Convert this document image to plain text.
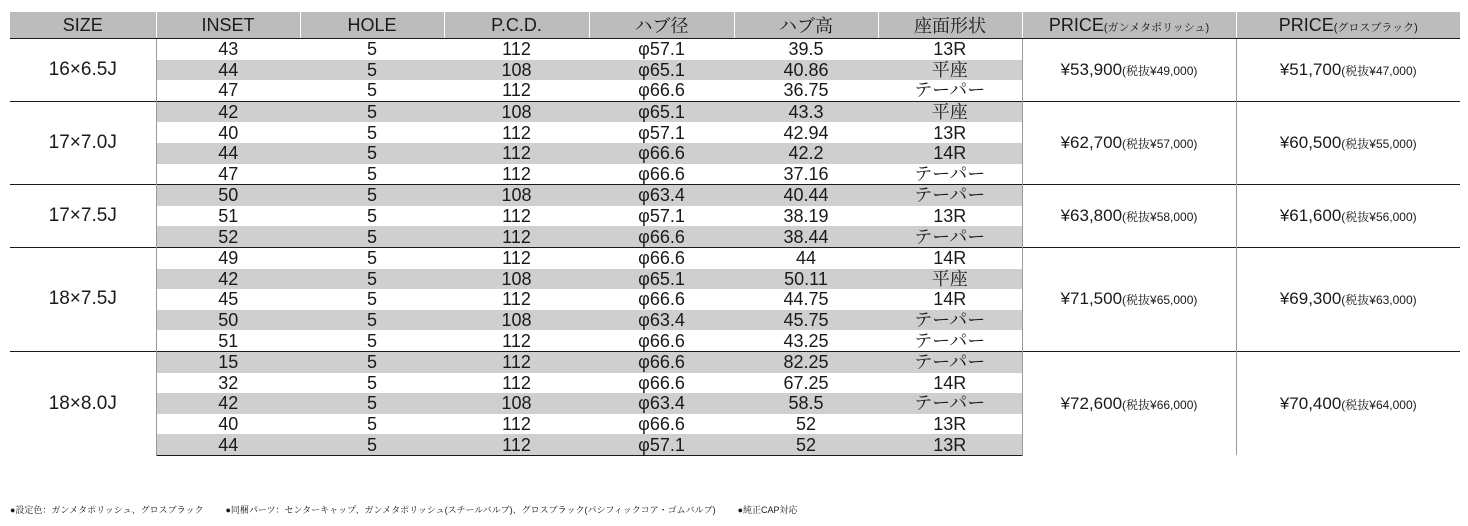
SIZE	INSET	HOLE	P.C.D.	ハブ径	ハブ高	座面形状	PRICE(ガンメタポリッシュ)	PRICE(グロスブラック)
16×6.5J	43	5	112	φ57.1	39.5	13R	¥53,900(税抜¥49,000)	¥51,700(税抜¥47,000)
	44	5	108	φ65.1	40.86	平座		
	47	5	112	φ66.6	36.75	テーパー		
17×7.0J	42	5	108	φ65.1	43.3	平座	¥62,700(税抜¥57,000)	¥60,500(税抜¥55,000)
	40	5	112	φ57.1	42.94	13R		
	44	5	112	φ66.6	42.2	14R		
	47	5	112	φ66.6	37.16	テーパー		
17×7.5J	50	5	108	φ63.4	40.44	テーパー	¥63,800(税抜¥58,000)	¥61,600(税抜¥56,000)
	51	5	112	φ57.1	38.19	13R		
	52	5	112	φ66.6	38.44	テーパー		
18×7.5J	49	5	112	φ66.6	44	14R	¥71,500(税抜¥65,000)	¥69,300(税抜¥63,000)
	42	5	108	φ65.1	50.11	平座		
	45	5	112	φ66.6	44.75	14R		
	50	5	108	φ63.4	45.75	テーパー		
	51	5	112	φ66.6	43.25	テーパー		
18×8.0J	15	5	112	φ66.6	82.25	テーパー	¥72,600(税抜¥66,000)	¥70,400(税抜¥64,000)
	32	5	112	φ66.6	67.25	14R		
	42	5	108	φ63.4	58.5	テーパー		
	40	5	112	φ66.6	52	13R		
	44	5	112	φ57.1	52	13R		
●設定色：ガンメタポリッシュ、グロスブラック ●同梱パーツ：センターキャップ、ガンメタポリッシュ(スチールバルブ)、グロスブラック(パシフィックコア・ゴムバルブ) ●純正CAP対応
